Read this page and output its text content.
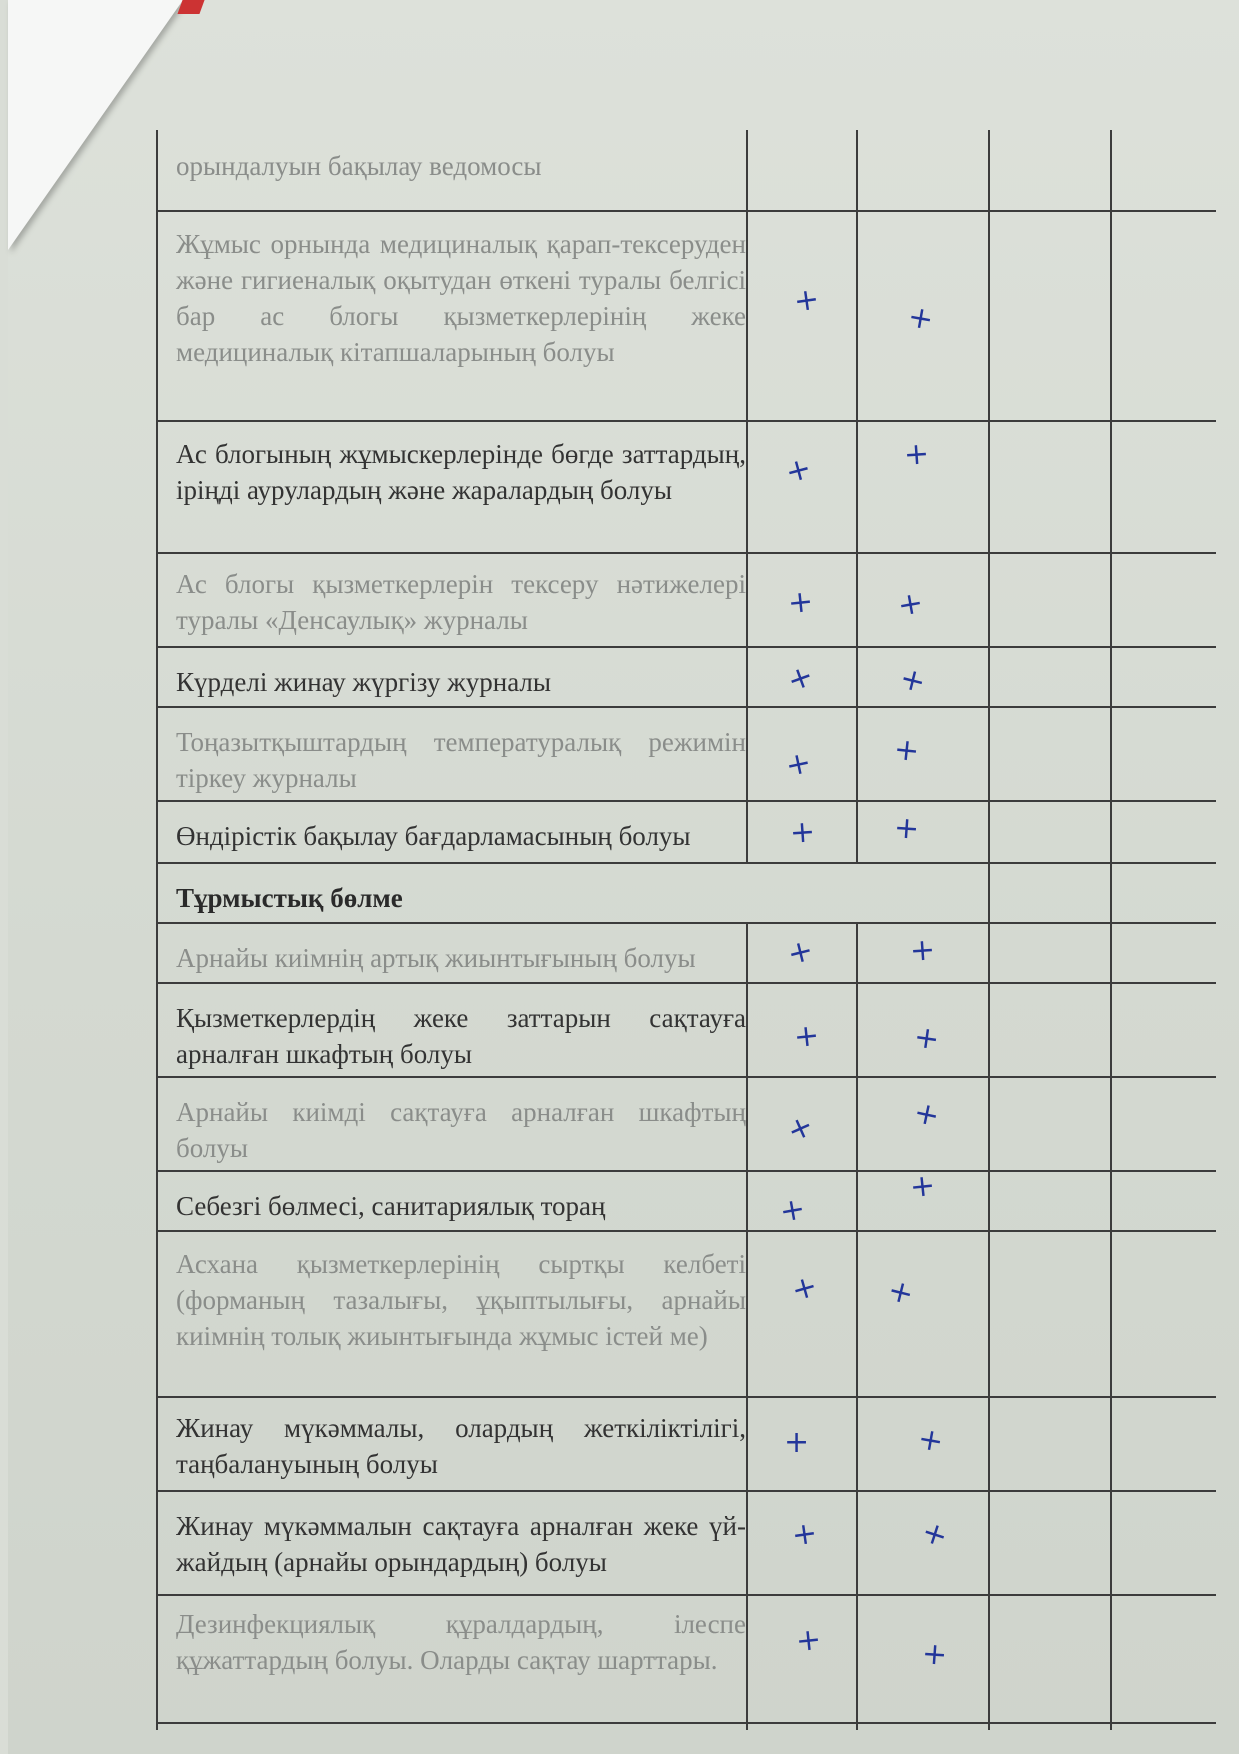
орындалуын бақылау ведомосы
Жұмыс орнында медициналық қарап-тексеруден және гигиеналық оқытудан өткені туралы белгісі бар ас блогы қызметкерлерінің жеке медициналық кітапшаларының болуы
Ас блогының жұмыскерлерінде бөгде заттардың, іріңді аурулардың және жаралардың болуы
Ас блогы қызметкерлерін тексеру нәтижелері туралы «Денсаулық» журналы
Күрделі жинау жүргізу журналы
Тоңазытқыштардың температуралық режимін тіркеу журналы
Өндірістік бақылау бағдарламасының болуы
Тұрмыстық бөлме
Арнайы киімнің артық жиынтығының болуы
Қызметкерлердің жеке заттарын сақтауға арналған шкафтың болуы
Арнайы киімді сақтауға арналған шкафтың болуы
Себезгі бөлмесі, санитариялық тораң
Асхана қызметкерлерінің сыртқы келбеті (форманың тазалығы, ұқыптылығы, арнайы киімнің толық жиынтығында жұмыс істей ме)
Жинау мүкәммалы, олардың жеткіліктілігі, таңбалануының болуы
Жинау мүкәммалын сақтауға арналған жеке үй-жайдың (арнайы орындардың) болуы
Дезинфекциялық құралдардың, ілеспе құжаттардың болуы. Оларды сақтау шарттары.
+
+
+
+
+
+
+
+
+
+
+
+
+
+
+
+
+
+
+
+
+
+
+
+
+
+
+
+
